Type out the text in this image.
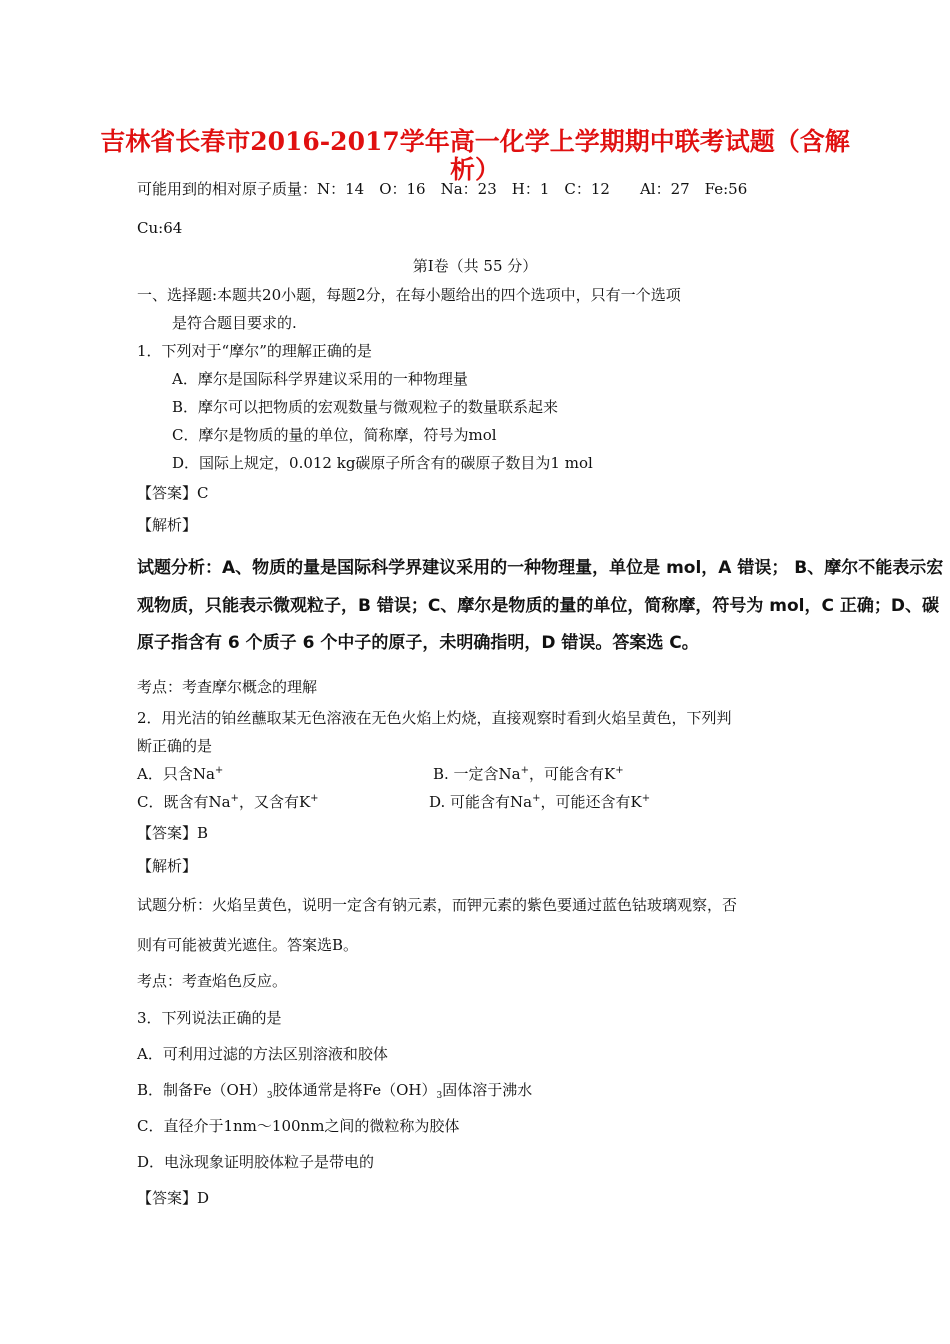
吉林省长春市2016-2017学年高一化学上学期期中联考试题（含解
析）
可能用到的相对原子质量：N：14　O：16　Na：23　H：1　C：12　　Al：27　Fe:56
Cu:64
第Ⅰ卷（共 55 分）
一、选择题:本题共20小题，每题2分，在每小题给出的四个选项中，只有一个选项
是符合题目要求的.
1．下列对于“摩尔”的理解正确的是
A．摩尔是国际科学界建议采用的一种物理量
B．摩尔可以把物质的宏观数量与微观粒子的数量联系起来
C．摩尔是物质的量的单位，简称摩，符号为mol
D．国际上规定，0.012 kg碳原子所含有的碳原子数目为1 mol
【答案】C
【解析】
试题分析：A、物质的量是国际科学界建议采用的一种物理量，单位是 mol，A 错误； B、摩尔不能表示宏
观物质，只能表示微观粒子，B 错误；C、摩尔是物质的量的单位，简称摩，符号为 mol，C 正确；D、碳
原子指含有 6 个质子 6 个中子的原子，未明确指明，D 错误。答案选 C。
考点：考查摩尔概念的理解
2．用光洁的铂丝蘸取某无色溶液在无色火焰上灼烧，直接观察时看到火焰呈黄色，下列判
断正确的是
A．只含Na+	B. 一定含Na+，可能含有K+
C．既含有Na+，又含有K+	D. 可能含有Na+，可能还含有K+
【答案】B
【解析】
试题分析：火焰呈黄色，说明一定含有钠元素，而钾元素的紫色要通过蓝色钴玻璃观察，否
则有可能被黄光遮住。答案选B。
考点：考查焰色反应。
3．下列说法正确的是
A．可利用过滤的方法区别溶液和胶体
B．制备$Fe(OH)_3$胶体通常是将$Fe(OH)_3$固体溶于沸水
C．直径介于1nm～100nm之间的微粒称为胶体
D．电泳现象证明胶体粒子是带电的
【答案】D
